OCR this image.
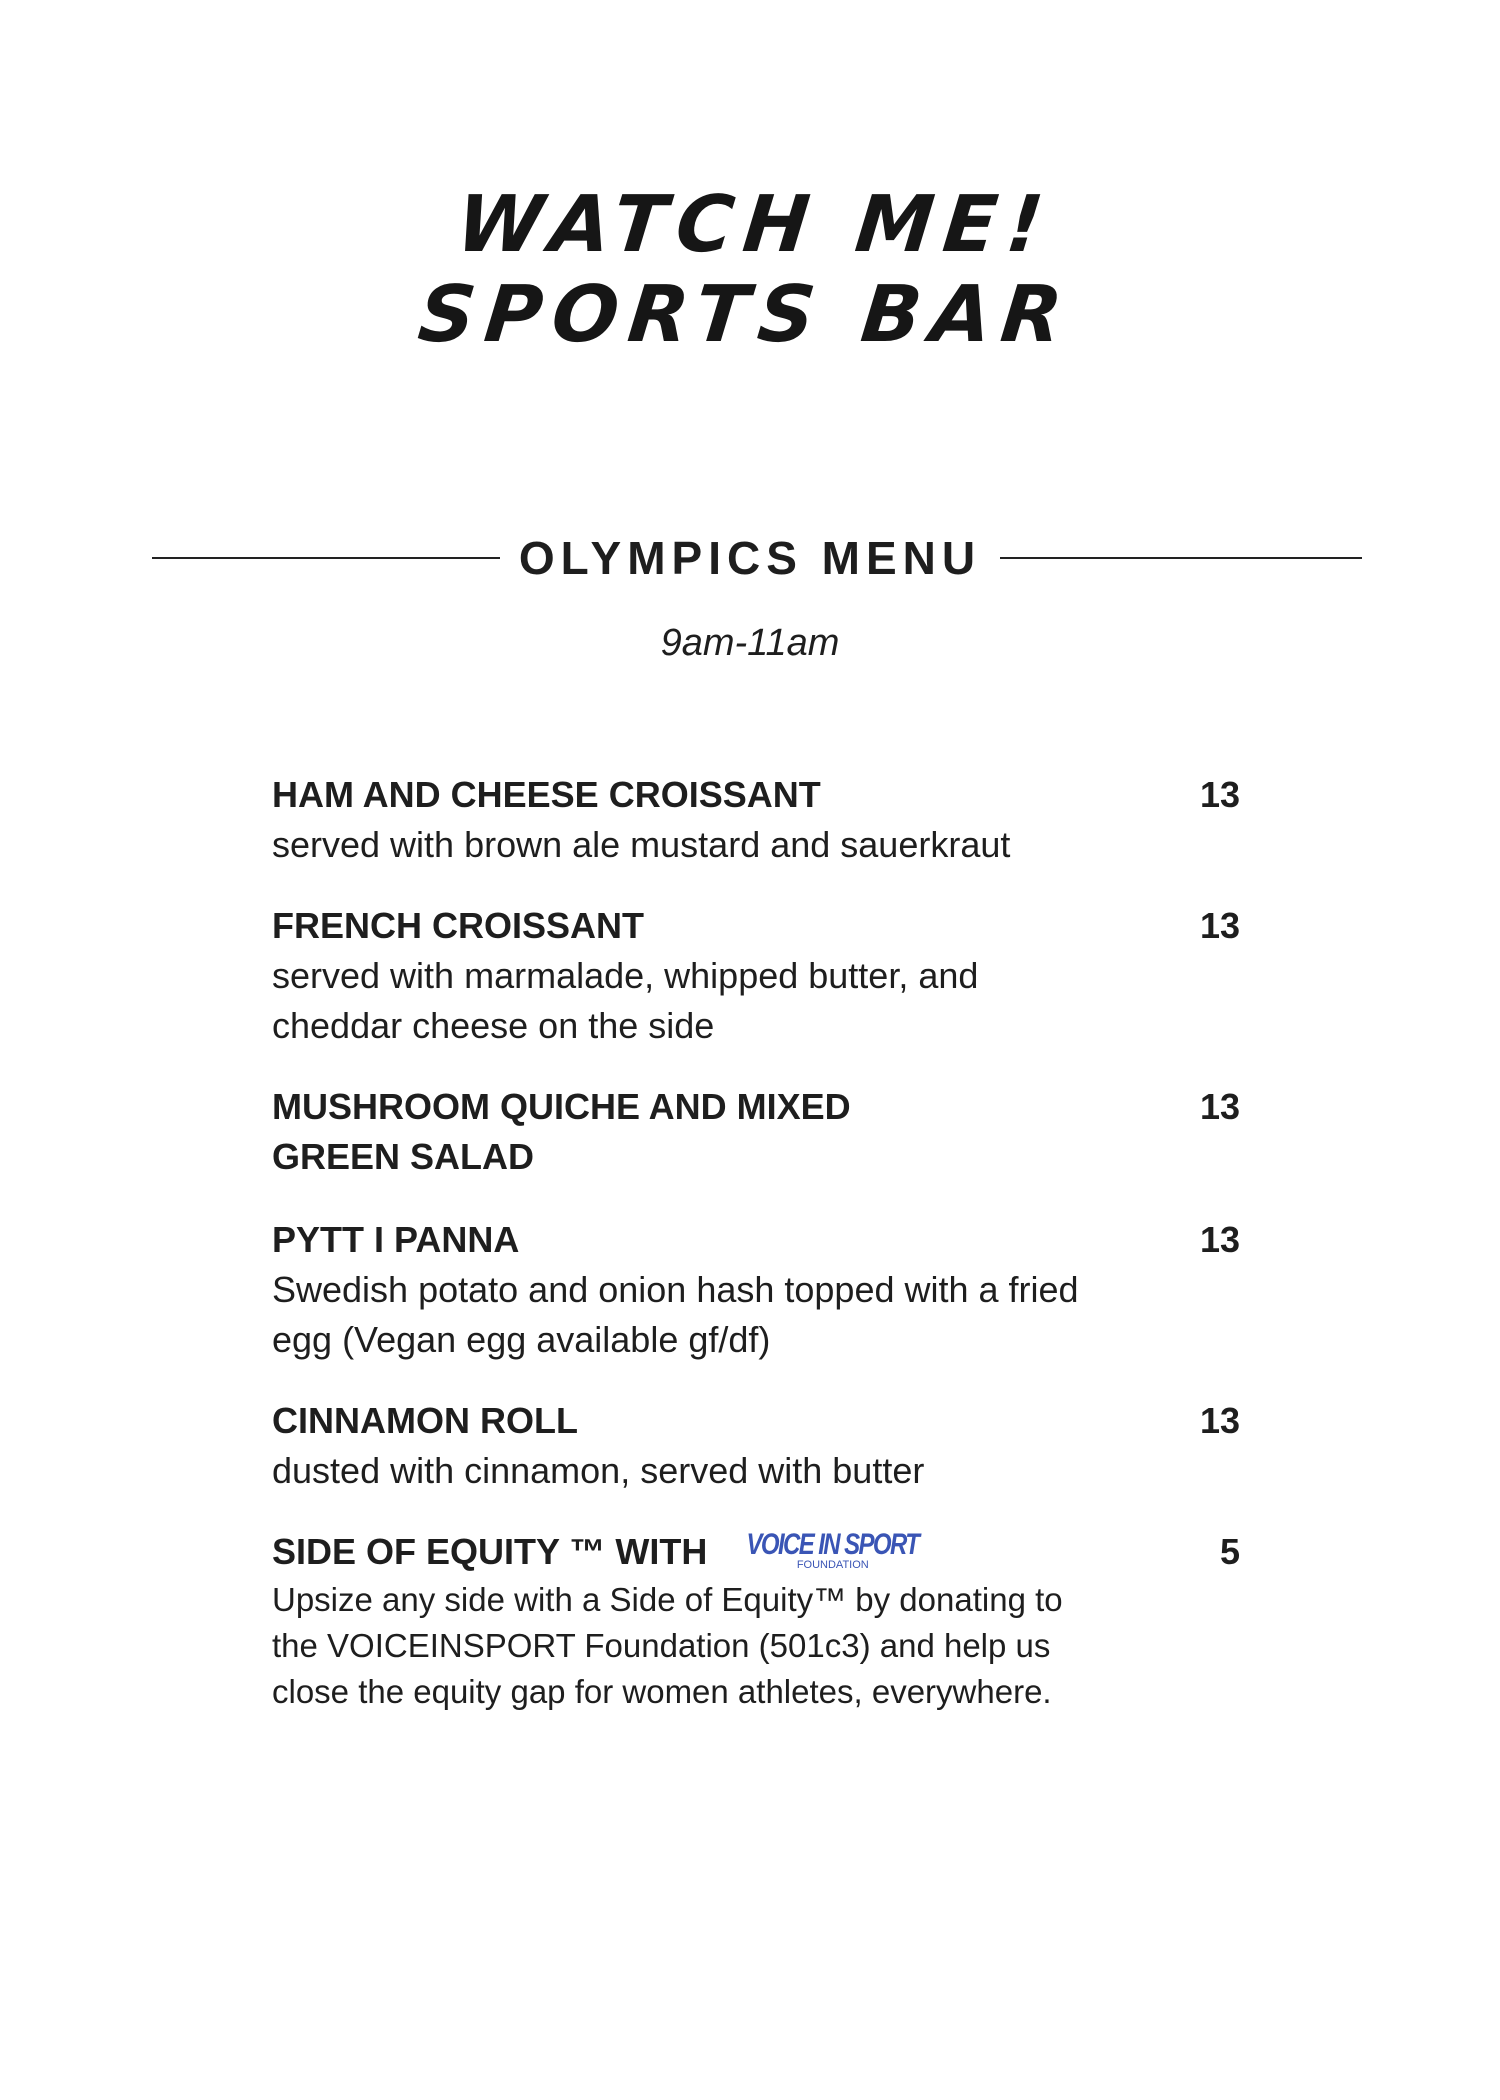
WATCH ME!
SPORTS BAR
OLYMPICS MENU
9am-11am
HAM AND CHEESE CROISSANT	13
served with brown ale mustard and sauerkraut
FRENCH CROISSANT	13
served with marmalade, whipped butter, and cheddar cheese on the side
MUSHROOM QUICHE AND MIXED GREEN SALAD
13
PYTT I PANNA	13
Swedish potato and onion hash topped with a fried egg (Vegan egg available gf/df)
CINNAMON ROLL	13
dusted with cinnamon, served with butter
SIDE OF EQUITY ™ WITH VOICE IN SPORT
FOUNDATION	5
Upsize any side with a Side of Equity™ by donating to the VOICEINSPORT Foundation (501c3) and help us close the equity gap for women athletes, everywhere.
